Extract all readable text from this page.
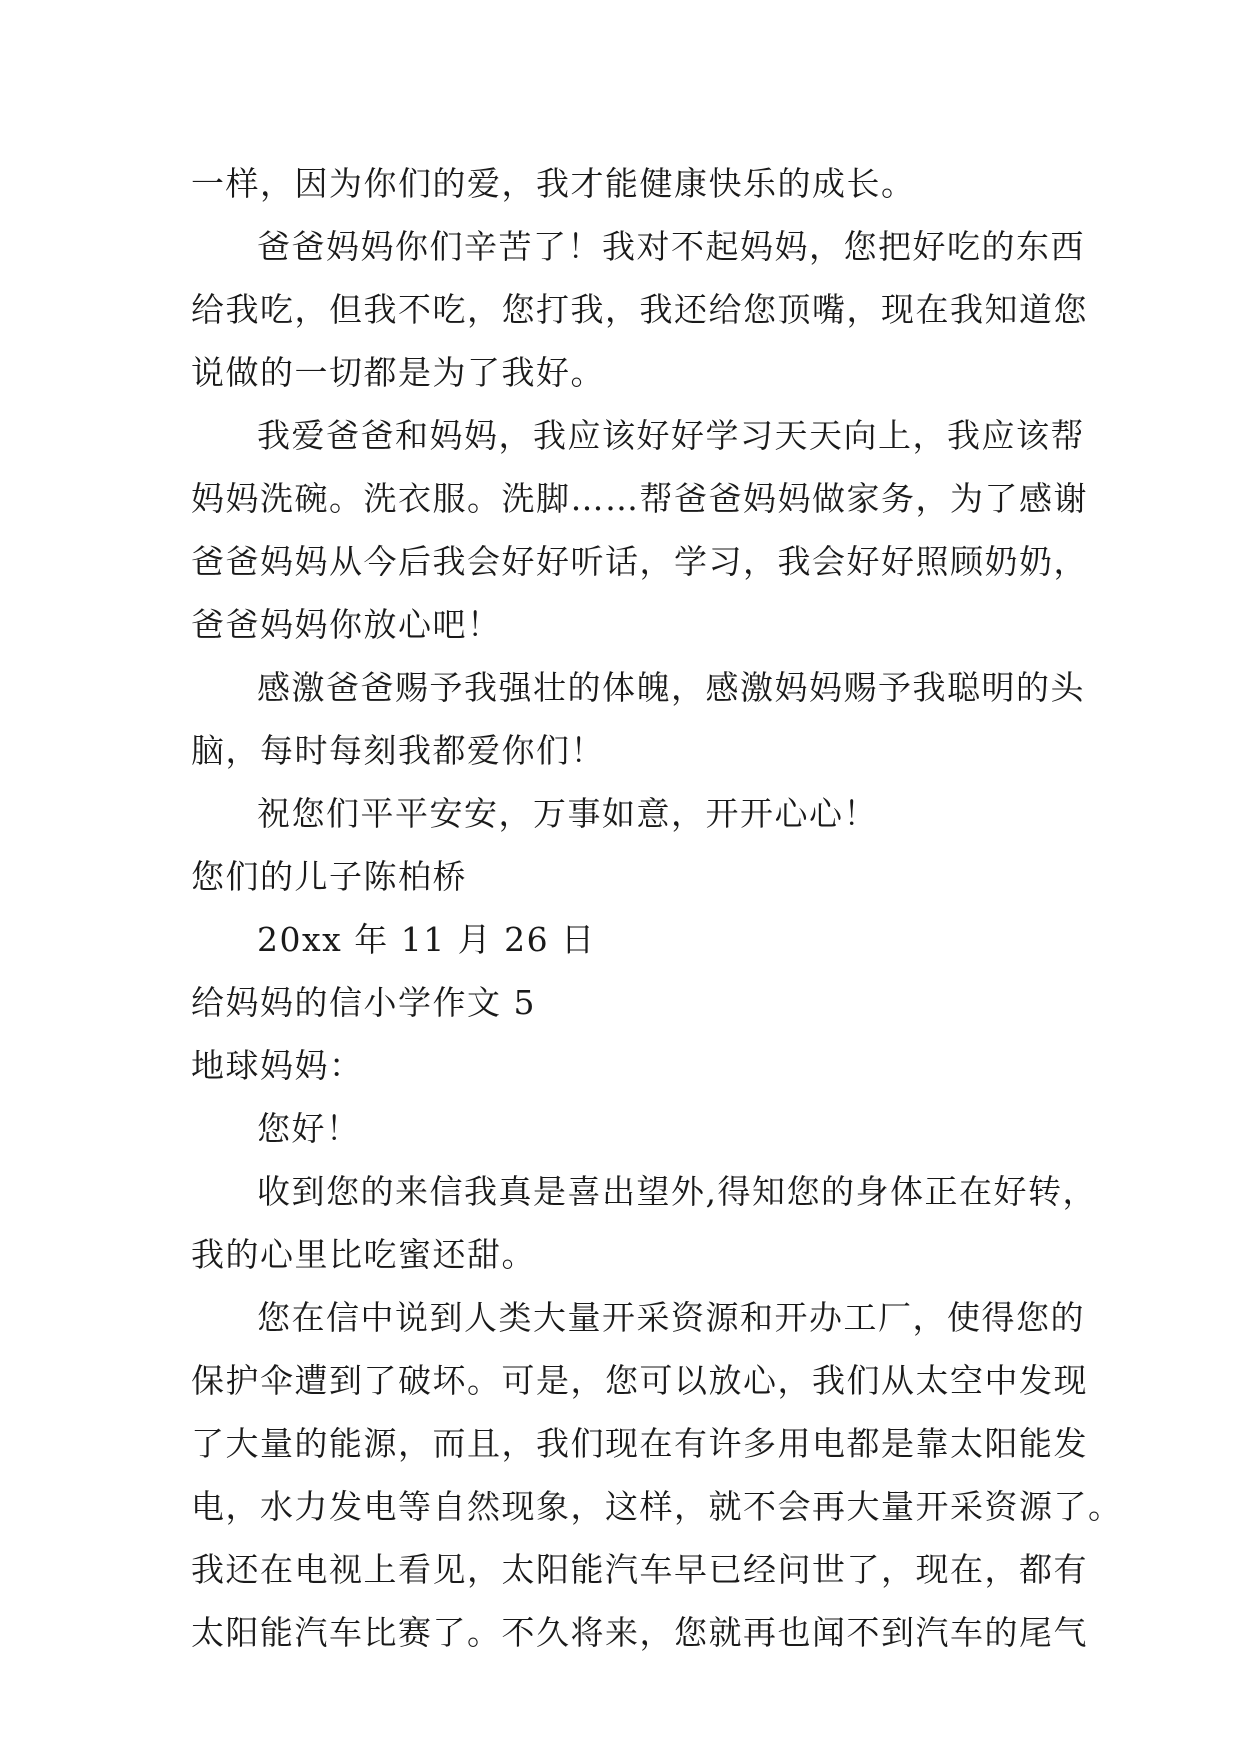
一样，因为你们的爱，我才能健康快乐的成长。

爸爸妈妈你们辛苦了！我对不起妈妈，您把好吃的东西

给我吃，但我不吃，您打我，我还给您顶嘴，现在我知道您

说做的一切都是为了我好。

我爱爸爸和妈妈，我应该好好学习天天向上，我应该帮

妈妈洗碗。洗衣服。洗脚……帮爸爸妈妈做家务，为了感谢

爸爸妈妈从今后我会好好听话，学习，我会好好照顾奶奶，

爸爸妈妈你放心吧！

感激爸爸赐予我强壮的体魄，感激妈妈赐予我聪明的头

脑，每时每刻我都爱你们！

祝您们平平安安，万事如意，开开心心！

您们的儿子陈柏桥

20xx 年 11 月 26 日

给妈妈的信小学作文 5

地球妈妈：

您好！

收到您的来信我真是喜出望外,得知您的身体正在好转，

我的心里比吃蜜还甜。

您在信中说到人类大量开采资源和开办工厂，使得您的

保护伞遭到了破坏。可是，您可以放心，我们从太空中发现

了大量的能源，而且，我们现在有许多用电都是靠太阳能发

电，水力发电等自然现象，这样，就不会再大量开采资源了。

我还在电视上看见，太阳能汽车早已经问世了，现在，都有

太阳能汽车比赛了。不久将来，您就再也闻不到汽车的尾气
